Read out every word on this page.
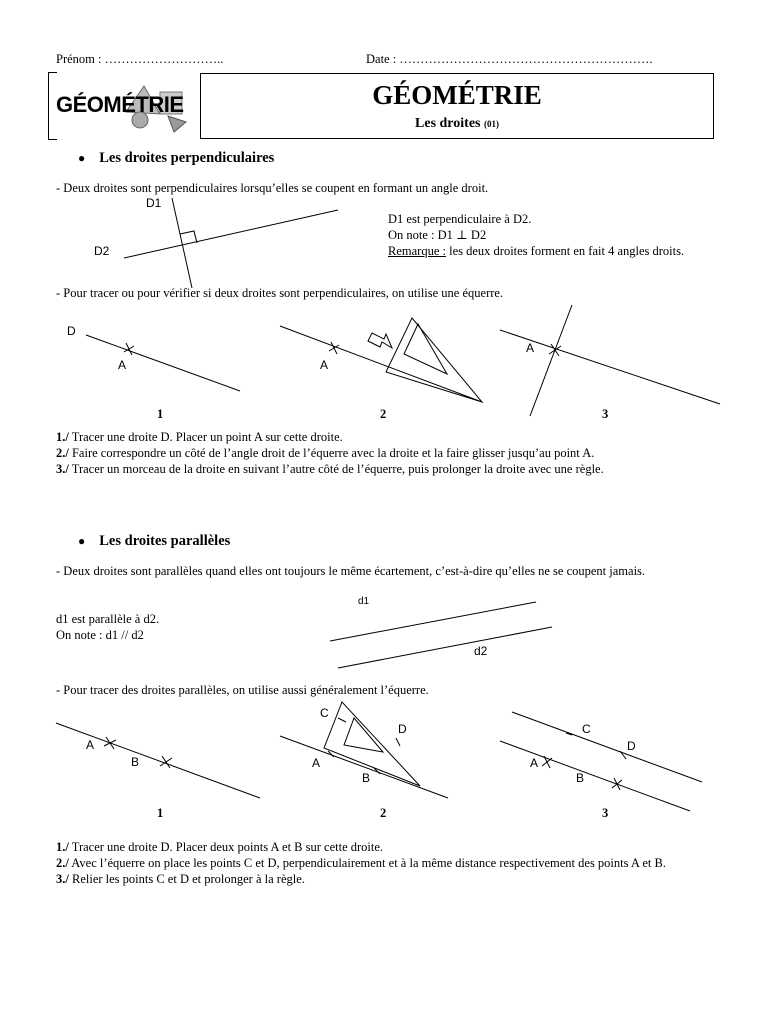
Prénom : ………………………..	Date : …………………………………………………….
GÉOMÉTRIE	GÉOMÉTRIE
Les droites (01)
● Les droites perpendiculaires
- Deux droites sont perpendiculaires lorsqu’elles se coupent en formant un angle droit.
D1
D2
D1 est perpendiculaire à D2.
On note : D1 ⊥ D2
Remarque : les deux droites forment en fait 4 angles droits.
- Pour tracer ou pour vérifier si deux droites sont perpendiculaires, on utilise une équerre.
D
A	A
A
1	2	3
1./ Tracer une droite D. Placer un point A sur cette droite.
2./ Faire correspondre un côté de l’angle droit de l’équerre avec la droite et la faire glisser jusqu’au point A.
3./ Tracer un morceau de la droite en suivant l’autre côté de l’équerre, puis prolonger la droite avec une règle.
● Les droites parallèles
- Deux droites sont parallèles quand elles ont toujours le même écartement, c’est-à-dire qu’elles ne se coupent jamais.
d1 est parallèle à d2.
On note : d1 // d2
d1
d2
- Pour tracer des droites parallèles, on utilise aussi généralement l’équerre.
A
B
C
D
A
B
C
D
A
B
1	2	3
1./ Tracer une droite D. Placer deux points A et B sur cette droite.
2./ Avec l’équerre on place les points C et D, perpendiculairement et à la même distance respectivement des points A et B.
3./ Relier les points C et D et prolonger à la règle.
